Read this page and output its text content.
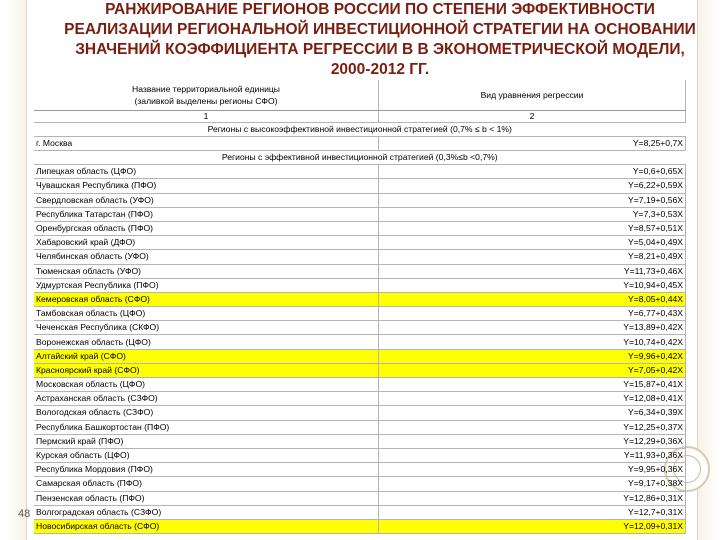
РАНЖИРОВАНИЕ РЕГИОНОВ РОССИИ ПО СТЕПЕНИ ЭФФЕКТИВНОСТИ
РЕАЛИЗАЦИИ РЕГИОНАЛЬНОЙ ИНВЕСТИЦИОННОЙ СТРАТЕГИИ НА ОСНОВАНИИ
ЗНАЧЕНИЙ КОЭФФИЦИЕНТА РЕГРЕССИИ B В ЭКОНОМЕТРИЧЕСКОЙ МОДЕЛИ,
2000-2012 ГГ.
Название территориальной единицы
(заливкой выделены регионы СФО)	Вид уравнения регрессии
1	2
Регионы с высокоэффективной инвестиционной стратегией (0,7% ≤ b < 1%)	
г. Москва	Y=8,25+0,7X
Регионы с эффективной инвестиционной стратегией (0,3%≤b <0,7%)	
Липецкая область (ЦФО)	Y=0,6+0,65X
Чувашская Республика (ПФО)	Y=6,22+0,59X
Свердловская область (УФО)	Y=7,19+0,56X
Республика Татарстан (ПФО)	Y=7,3+0,53X
Оренбургская область (ПФО)	Y=8,57+0,51X
Хабаровский край (ДФО)	Y=5,04+0,49X
Челябинская область (УФО)	Y=8,21+0,49X
Тюменская область (УФО)	Y=11,73+0,46X
Удмуртская Республика (ПФО)	Y=10,94+0,45X
Кемеровская область (СФО)	Y=8,05+0,44X
Тамбовская область (ЦФО)	Y=6,77+0,43X
Чеченская Республика (СКФО)	Y=13,89+0,42X
Воронежская область (ЦФО)	Y=10,74+0,42X
Алтайский край (СФО)	Y=9,96+0,42X
Красноярский край (СФО)	Y=7,05+0,42X
Московская область (ЦФО)	Y=15,87+0,41X
Астраханская область (СЗФО)	Y=12,08+0,41X
Вологодская область (СЗФО)	Y=6,34+0,39X
Республика Башкортостан (ПФО)	Y=12,25+0,37X
Пермский край (ПФО)	Y=12,29+0,36X
Курская область (ЦФО)	Y=11,93+0,36X
Республика Мордовия (ПФО)	Y=9,95+0,36X
Самарская область (ПФО)	Y=9,17+0,38X
Пензенская область (ПФО)	Y=12,86+0,31X
Волгоградская область (СЗФО)	Y=12,7+0,31X
Новосибирская область (СФО)	Y=12,09+0,31X
48
